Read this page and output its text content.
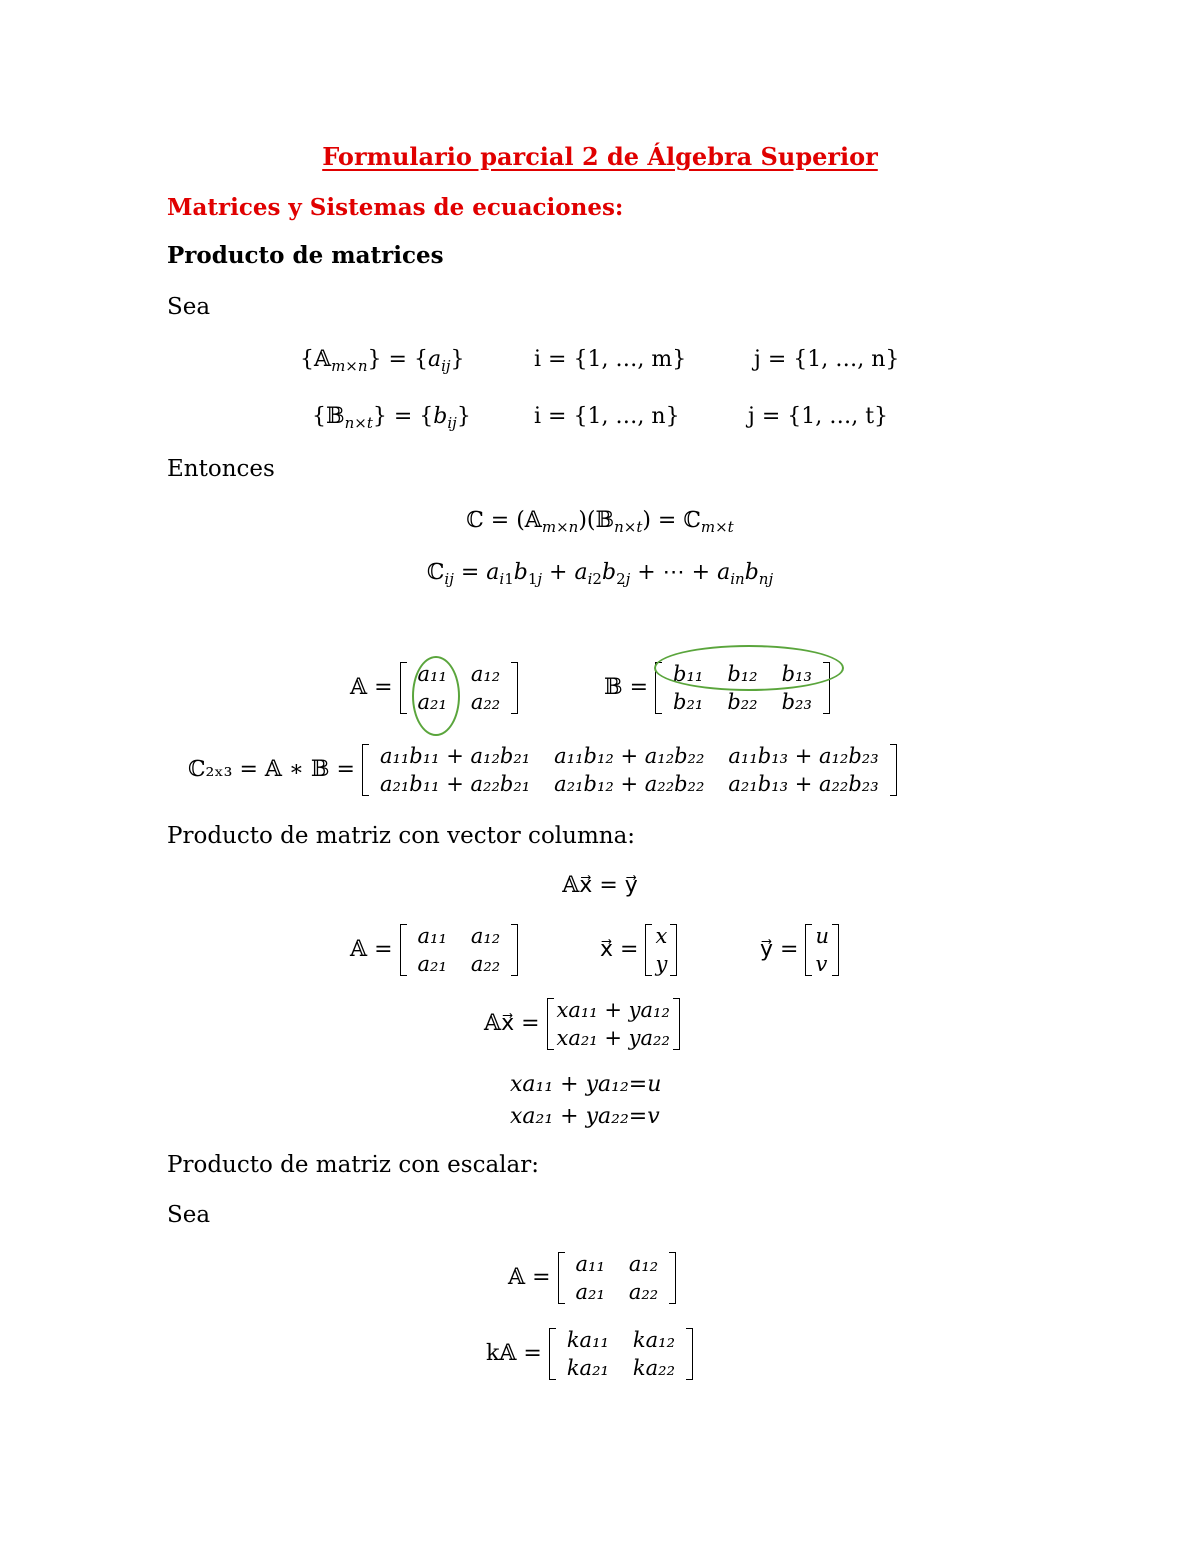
Formulario parcial 2 de Álgebra Superior
Matrices y Sistemas de ecuaciones:
Producto de matrices
Sea
{𝔸$_{m\times n}$} = $\{a_{ij}\}$	i = {1, …, m}	j = {1, …, n}
{𝔹$_{n\times t}$} = $\{b_{ij}\}$	i = {1, …, n}	j = {1, …, t}
Entonces
ℂ = (𝔸$_{m\times n}$)(𝔹$_{n\times t}$) = ℂ$_{m\times t}$
ℂ$_{ij}$ = $a_{i1}b_{1j} + a_{i2}b_{2j}$ + ⋯ + $a_{in}b_{nj}$
𝔸 =
a₁₁	a₁₂
a₂₁	a₂₂
𝔹 =
b₁₁	b₁₂	b₁₃
b₂₁	b₂₂	b₂₃
ℂ₂ₓ₃ = 𝔸 ∗ 𝔹 =
a₁₁b₁₁ + a₁₂b₂₁	a₁₁b₁₂ + a₁₂b₂₂	a₁₁b₁₃ + a₁₂b₂₃
a₂₁b₁₁ + a₂₂b₂₁	a₂₁b₁₂ + a₂₂b₂₂	a₂₁b₁₃ + a₂₂b₂₃
Producto de matriz con vector columna:
𝔸x⃗ = y⃗
𝔸 =
a₁₁	a₁₂
a₂₁	a₂₂
x⃗ =
x
y
y⃗ =
u
v
𝔸x⃗ =
xa₁₁ + ya₁₂
xa₂₁ + ya₂₂
xa₁₁ + ya₁₂=u
xa₂₁ + ya₂₂=v
Producto de matriz con escalar:
Sea
𝔸 =
a₁₁	a₁₂
a₂₁	a₂₂
k𝔸 =
ka₁₁	ka₁₂
ka₂₁	ka₂₂
